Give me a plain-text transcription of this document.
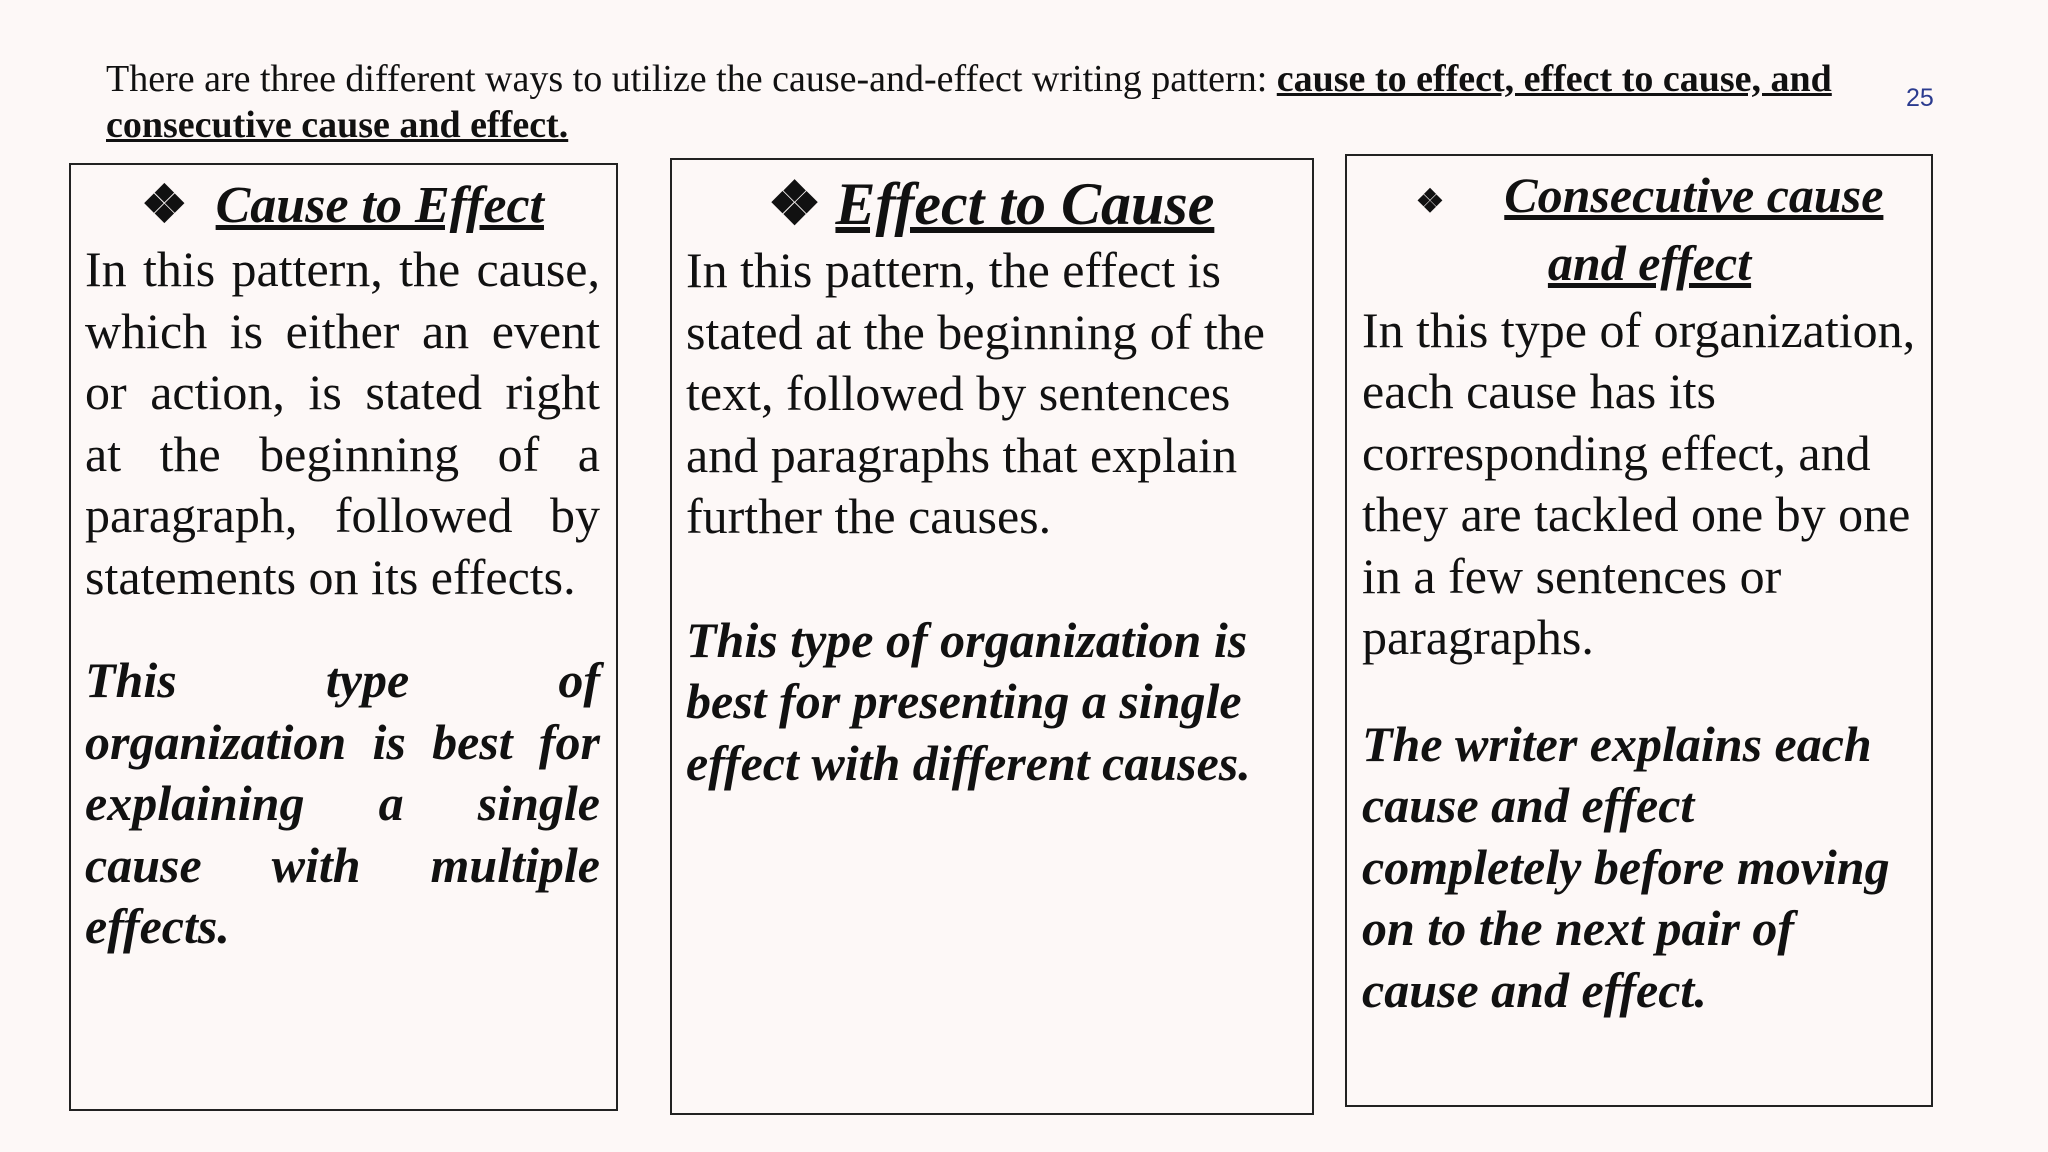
There are three different ways to utilize the cause-and-effect writing pattern: cause to effect, effect to cause, and consecutive cause and effect.
25

❖ Cause to Effect

In this pattern, the cause, which is either an event or action, is stated right at the beginning of a paragraph, followed by statements on its effects.

This type of organization is best for explaining a single cause with multiple effects.

❖ Effect to Cause

In this pattern, the effect is stated at the beginning of the text, followed by sentences and paragraphs that explain further the causes.

This type of organization is best for presenting a single effect with different causes.

❖ Consecutive cause and effect

In this type of organization, each cause has its corresponding effect, and they are tackled one by one in a few sentences or paragraphs.

The writer explains each cause and effect completely before moving on to the next pair of cause and effect.
